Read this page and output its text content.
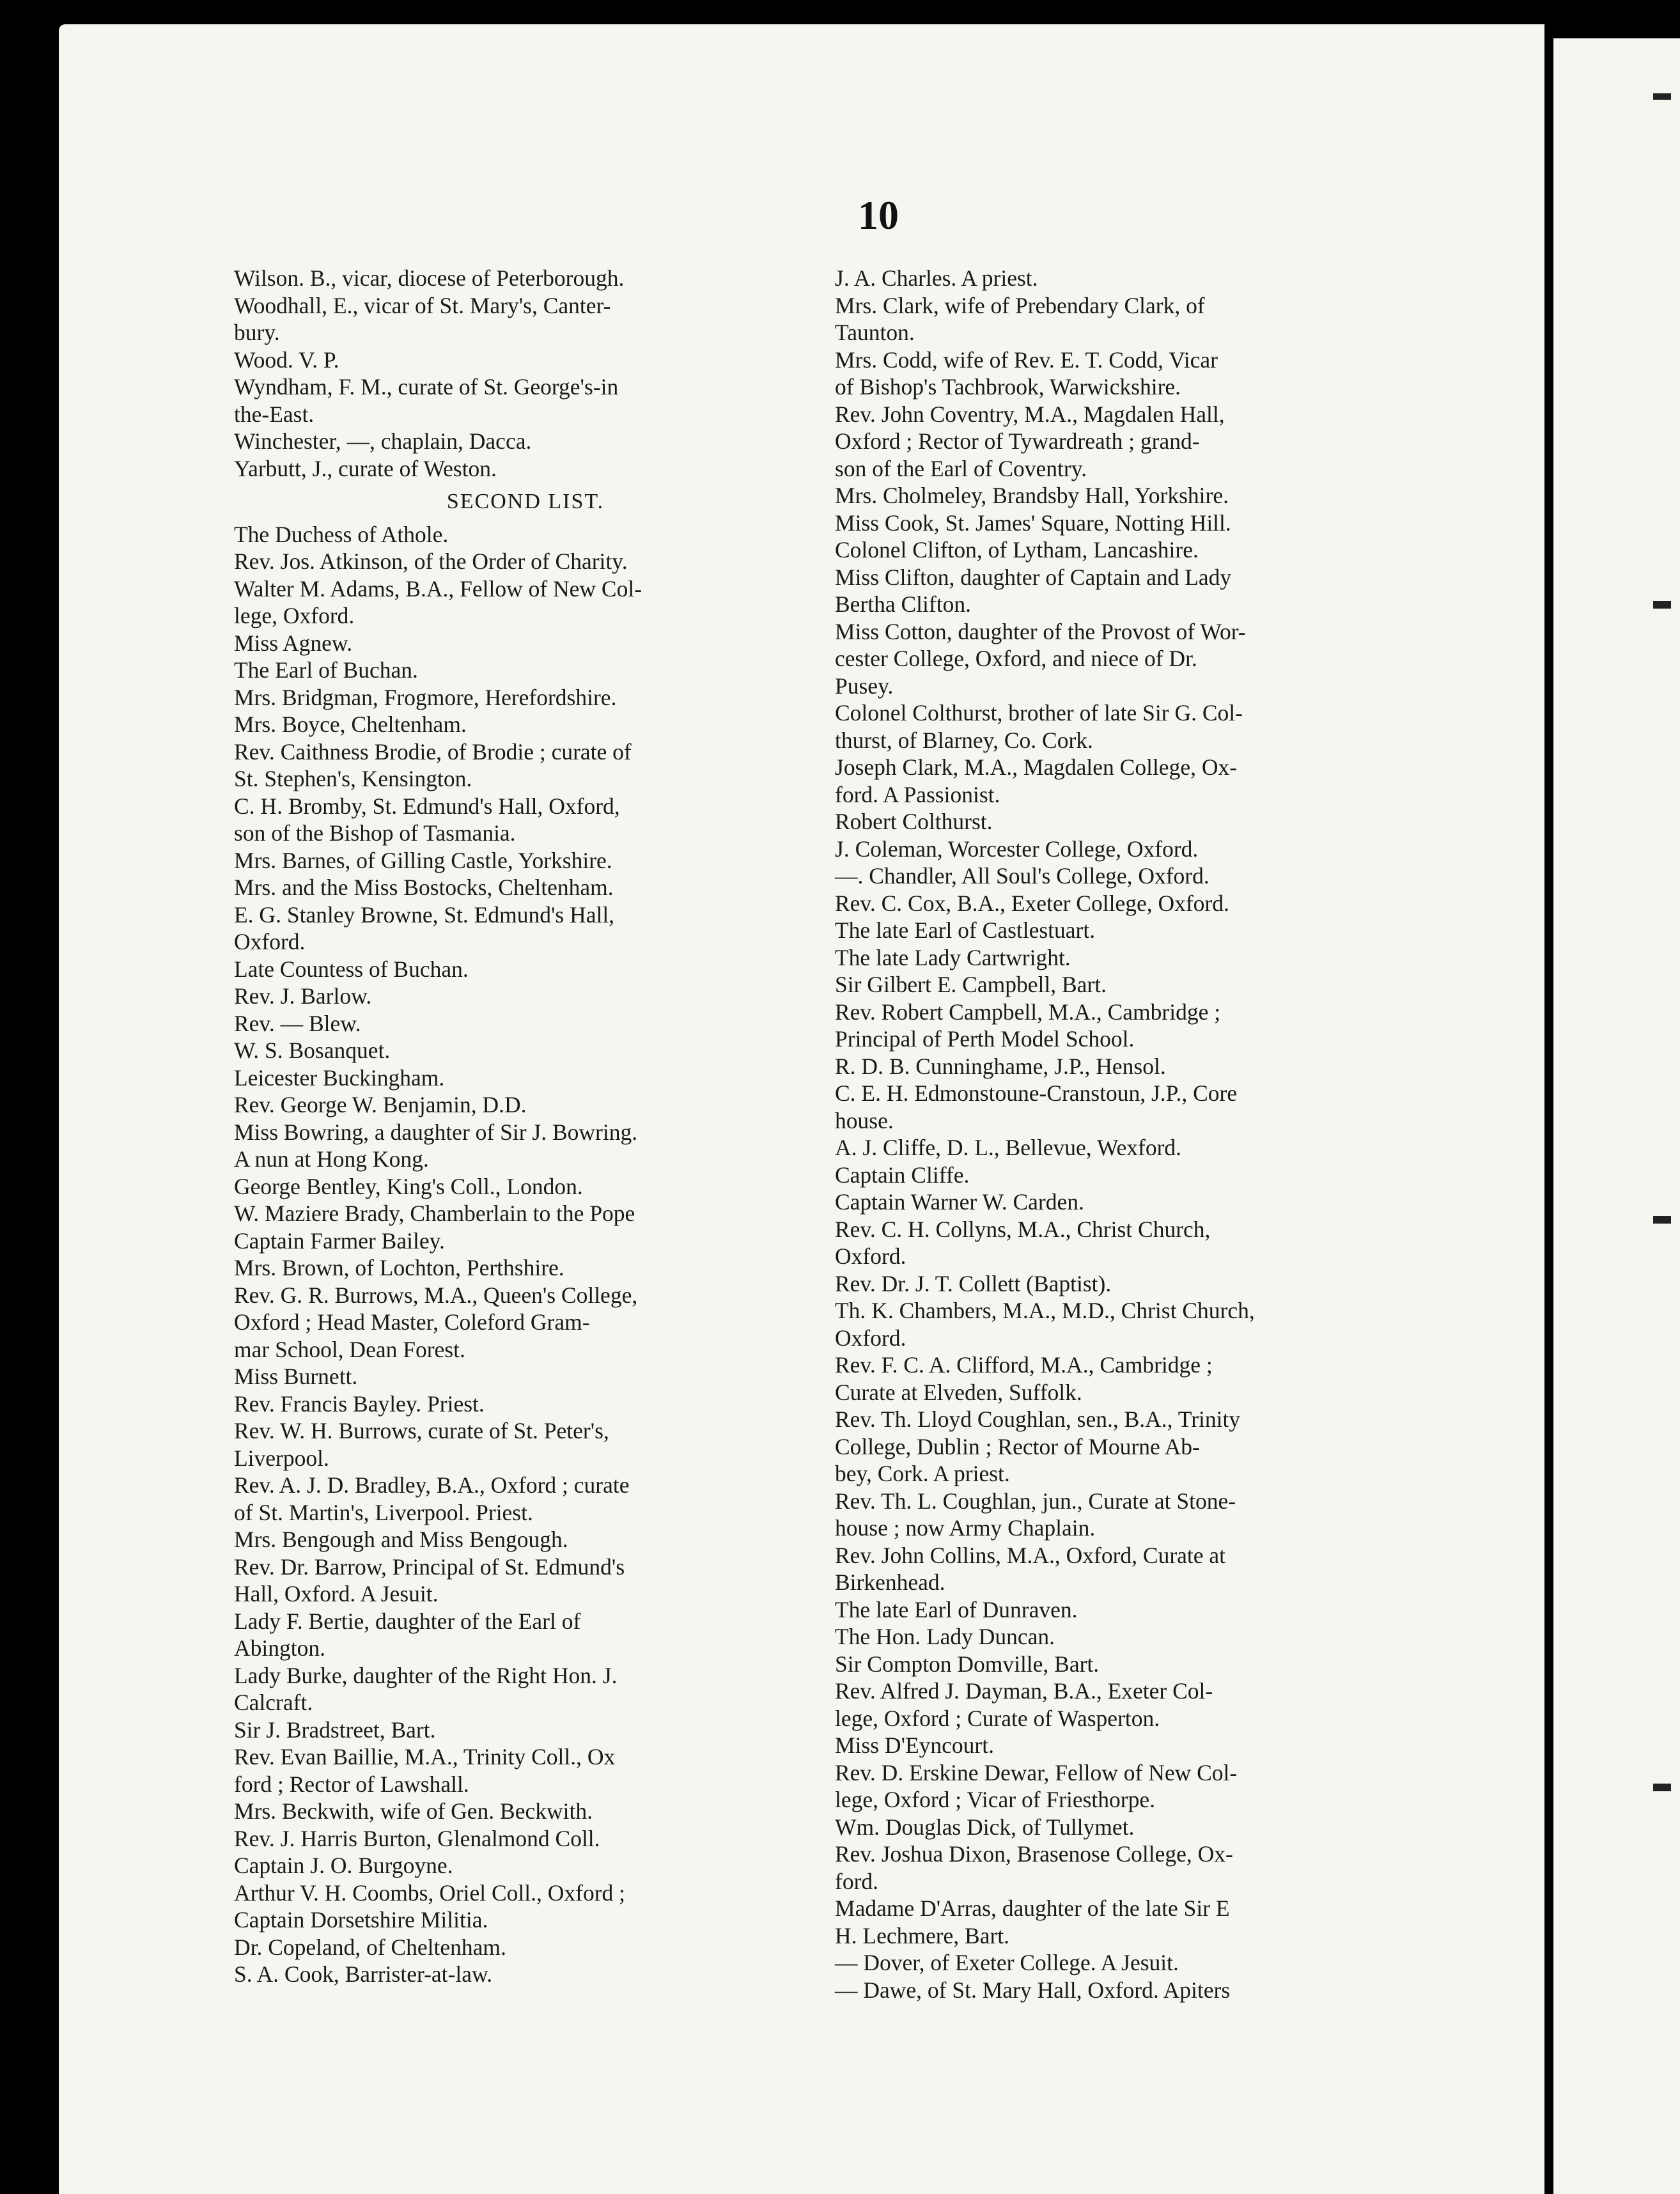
10

Wilson. B., vicar, diocese of Peterborough.

Woodhall, E., vicar of St. Mary's, Canter-
bury.

Wood. V. P.

Wyndham, F. M., curate of St. George's-in
the-East.

Winchester, —, chaplain, Dacca.

Yarbutt, J., curate of Weston.

SECOND LIST.

The Duchess of Athole.

Rev. Jos. Atkinson, of the Order of Charity.

Walter M. Adams, B.A., Fellow of New Col-
lege, Oxford.

Miss Agnew.

The Earl of Buchan.

Mrs. Bridgman, Frogmore, Herefordshire.

Mrs. Boyce, Cheltenham.

Rev. Caithness Brodie, of Brodie ; curate of
St. Stephen's, Kensington.

C. H. Bromby, St. Edmund's Hall, Oxford,
son of the Bishop of Tasmania.

Mrs. Barnes, of Gilling Castle, Yorkshire.

Mrs. and the Miss Bostocks, Cheltenham.

E. G. Stanley Browne, St. Edmund's Hall,
Oxford.

Late Countess of Buchan.

Rev. J. Barlow.

Rev. — Blew.

W. S. Bosanquet.

Leicester Buckingham.

Rev. George W. Benjamin, D.D.

Miss Bowring, a daughter of Sir J. Bowring.
A nun at Hong Kong.

George Bentley, King's Coll., London.

W. Maziere Brady, Chamberlain to the Pope

Captain Farmer Bailey.

Mrs. Brown, of Lochton, Perthshire.

Rev. G. R. Burrows, M.A., Queen's College,
Oxford ; Head Master, Coleford Gram-
mar School, Dean Forest.

Miss Burnett.

Rev. Francis Bayley. Priest.

Rev. W. H. Burrows, curate of St. Peter's,
Liverpool.

Rev. A. J. D. Bradley, B.A., Oxford ; curate
of St. Martin's, Liverpool. Priest.

Mrs. Bengough and Miss Bengough.

Rev. Dr. Barrow, Principal of St. Edmund's
Hall, Oxford. A Jesuit.

Lady F. Bertie, daughter of the Earl of
Abington.

Lady Burke, daughter of the Right Hon. J.
Calcraft.

Sir J. Bradstreet, Bart.

Rev. Evan Baillie, M.A., Trinity Coll., Ox
ford ; Rector of Lawshall.

Mrs. Beckwith, wife of Gen. Beckwith.

Rev. J. Harris Burton, Glenalmond Coll.

Captain J. O. Burgoyne.

Arthur V. H. Coombs, Oriel Coll., Oxford ;
Captain Dorsetshire Militia.

Dr. Copeland, of Cheltenham.

S. A. Cook, Barrister-at-law.

J. A. Charles. A priest.

Mrs. Clark, wife of Prebendary Clark, of
Taunton.

Mrs. Codd, wife of Rev. E. T. Codd, Vicar
of Bishop's Tachbrook, Warwickshire.

Rev. John Coventry, M.A., Magdalen Hall,
Oxford ; Rector of Tywardreath ; grand-
son of the Earl of Coventry.

Mrs. Cholmeley, Brandsby Hall, Yorkshire.

Miss Cook, St. James' Square, Notting Hill.

Colonel Clifton, of Lytham, Lancashire.

Miss Clifton, daughter of Captain and Lady
Bertha Clifton.

Miss Cotton, daughter of the Provost of Wor-
cester College, Oxford, and niece of Dr.
Pusey.

Colonel Colthurst, brother of late Sir G. Col-
thurst, of Blarney, Co. Cork.

Joseph Clark, M.A., Magdalen College, Ox-
ford. A Passionist.

Robert Colthurst.

J. Coleman, Worcester College, Oxford.

—. Chandler, All Soul's College, Oxford.

Rev. C. Cox, B.A., Exeter College, Oxford.

The late Earl of Castlestuart.

The late Lady Cartwright.

Sir Gilbert E. Campbell, Bart.

Rev. Robert Campbell, M.A., Cambridge ;
Principal of Perth Model School.

R. D. B. Cunninghame, J.P., Hensol.

C. E. H. Edmonstoune-Cranstoun, J.P., Core
house.

A. J. Cliffe, D. L., Bellevue, Wexford.

Captain Cliffe.

Captain Warner W. Carden.

Rev. C. H. Collyns, M.A., Christ Church,
Oxford.

Rev. Dr. J. T. Collett (Baptist).

Th. K. Chambers, M.A., M.D., Christ Church,
Oxford.

Rev. F. C. A. Clifford, M.A., Cambridge ;
Curate at Elveden, Suffolk.

Rev. Th. Lloyd Coughlan, sen., B.A., Trinity
College, Dublin ; Rector of Mourne Ab-
bey, Cork. A priest.

Rev. Th. L. Coughlan, jun., Curate at Stone-
house ; now Army Chaplain.

Rev. John Collins, M.A., Oxford, Curate at
Birkenhead.

The late Earl of Dunraven.

The Hon. Lady Duncan.

Sir Compton Domville, Bart.

Rev. Alfred J. Dayman, B.A., Exeter Col-
lege, Oxford ; Curate of Wasperton.

Miss D'Eyncourt.

Rev. D. Erskine Dewar, Fellow of New Col-
lege, Oxford ; Vicar of Friesthorpe.

Wm. Douglas Dick, of Tullymet.

Rev. Joshua Dixon, Brasenose College, Ox-
ford.

Madame D'Arras, daughter of the late Sir E
H. Lechmere, Bart.

— Dover, of Exeter College. A Jesuit.

— Dawe, of St. Mary Hall, Oxford. Apiters
